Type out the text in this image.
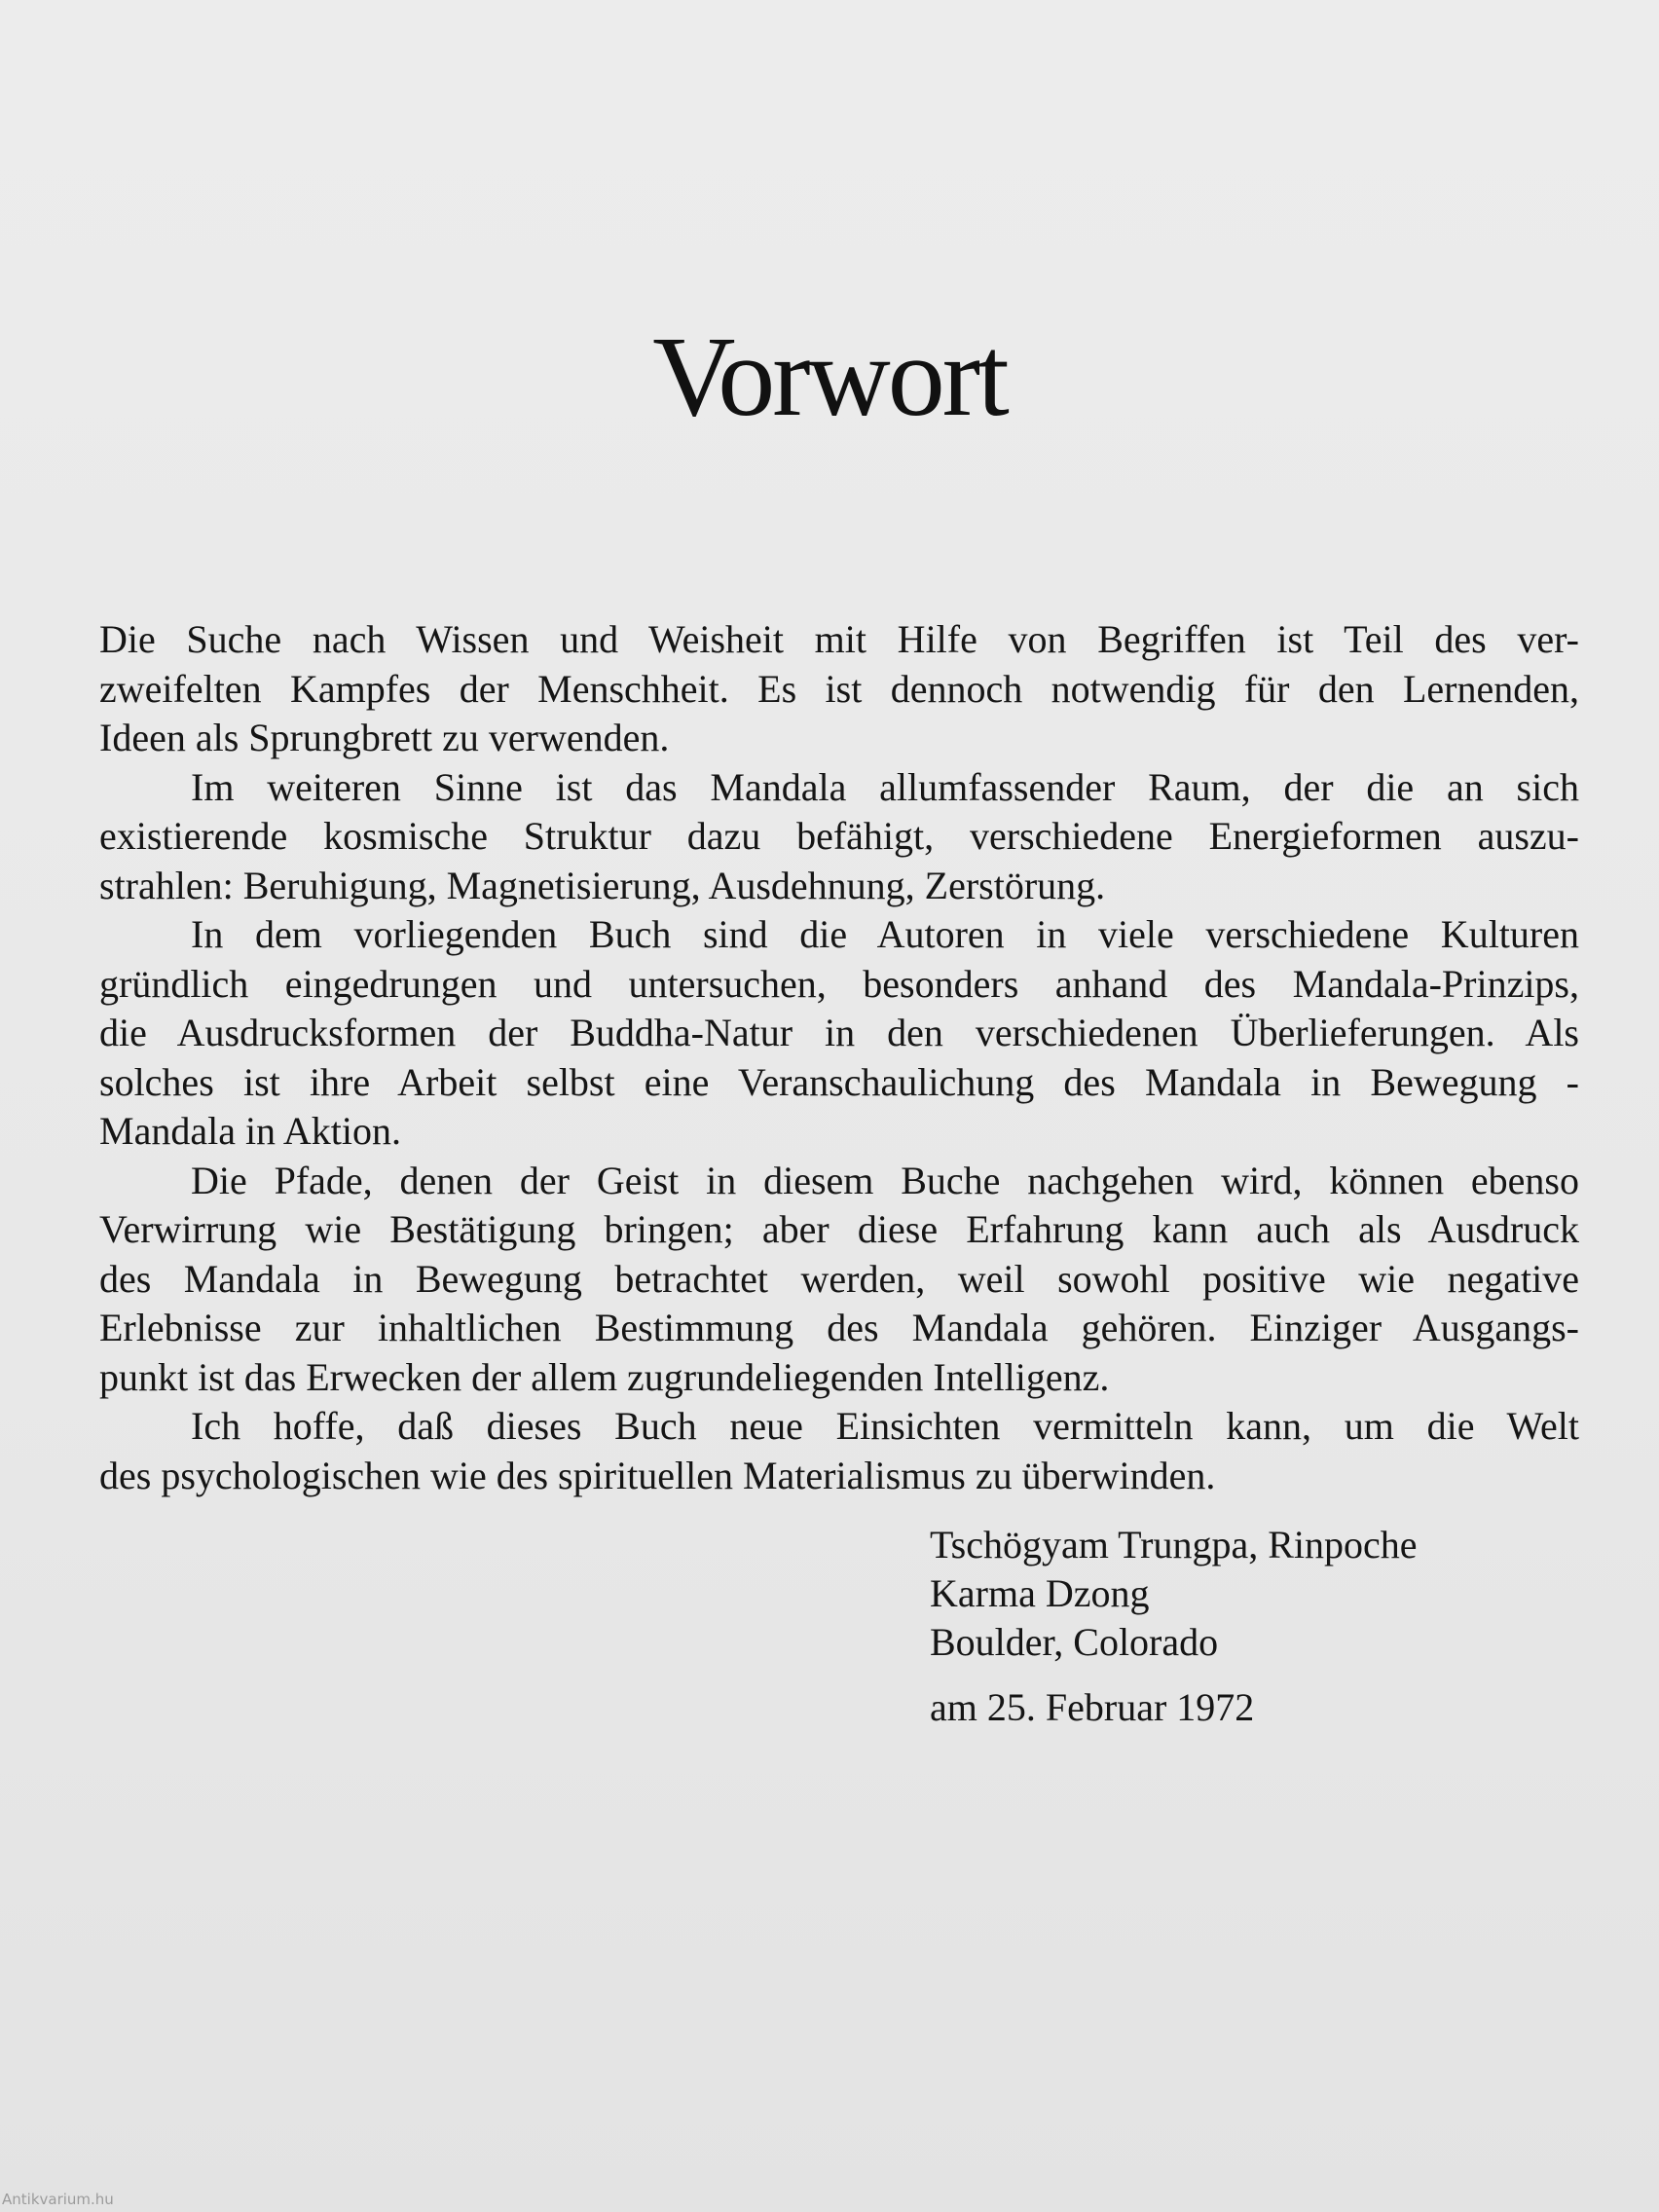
Vorwort
Die Suche nach Wissen und Weisheit mit Hilfe von Begriffen ist Teil des ver-
zweifelten Kampfes der Menschheit. Es ist dennoch notwendig für den Lernenden,
Ideen als Sprungbrett zu verwenden.
Im weiteren Sinne ist das Mandala allumfassender Raum, der die an sich
existierende kosmische Struktur dazu befähigt, verschiedene Energieformen auszu-
strahlen: Beruhigung, Magnetisierung, Ausdehnung, Zerstörung.
In dem vorliegenden Buch sind die Autoren in viele verschiedene Kulturen
gründlich eingedrungen und untersuchen, besonders anhand des Mandala-Prinzips,
die Ausdrucksformen der Buddha-Natur in den verschiedenen Überlieferungen. Als
solches ist ihre Arbeit selbst eine Veranschaulichung des Mandala in Bewegung -
Mandala in Aktion.
Die Pfade, denen der Geist in diesem Buche nachgehen wird, können ebenso
Verwirrung wie Bestätigung bringen; aber diese Erfahrung kann auch als Ausdruck
des Mandala in Bewegung betrachtet werden, weil sowohl positive wie negative
Erlebnisse zur inhaltlichen Bestimmung des Mandala gehören. Einziger Ausgangs-
punkt ist das Erwecken der allem zugrundeliegenden Intelligenz.
Ich hoffe, daß dieses Buch neue Einsichten vermitteln kann, um die Welt
des psychologischen wie des spirituellen Materialismus zu überwinden.
Tschögyam Trungpa, Rinpoche
Karma Dzong
Boulder, Colorado
am 25. Februar 1972
Antikvarium.hu
